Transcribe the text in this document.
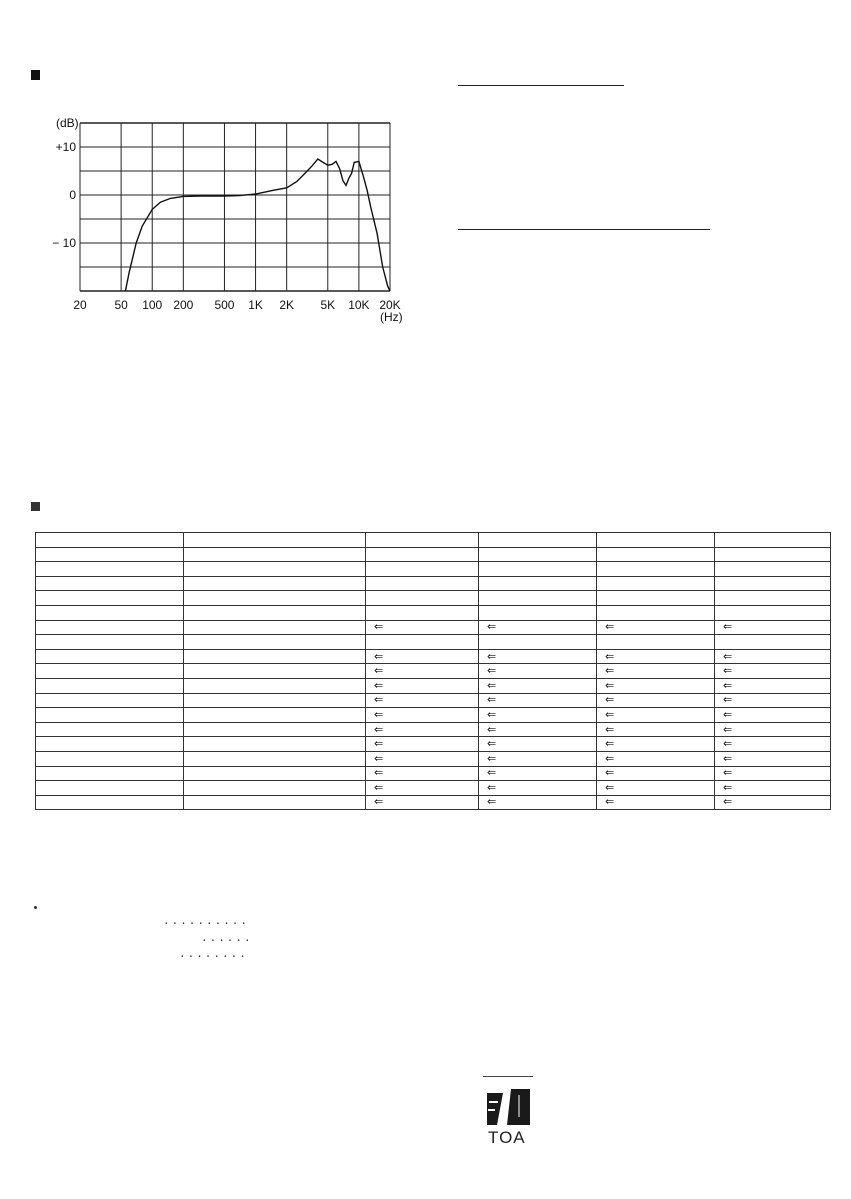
+10
0
− 10
20 50 100 200 500 1K 2K 5K 10K 20K
(dB)
(Hz)

		⇐	⇐	⇐	⇐

		⇐	⇐	⇐	⇐
		⇐	⇐	⇐	⇐
		⇐	⇐	⇐	⇐
		⇐	⇐	⇐	⇐
		⇐	⇐	⇐	⇐
		⇐	⇐	⇐	⇐
		⇐	⇐	⇐	⇐
		⇐	⇐	⇐	⇐
		⇐	⇐	⇐	⇐
		⇐	⇐	⇐	⇐
		⇐	⇐	⇐	⇐
..........
......
........
TOA
